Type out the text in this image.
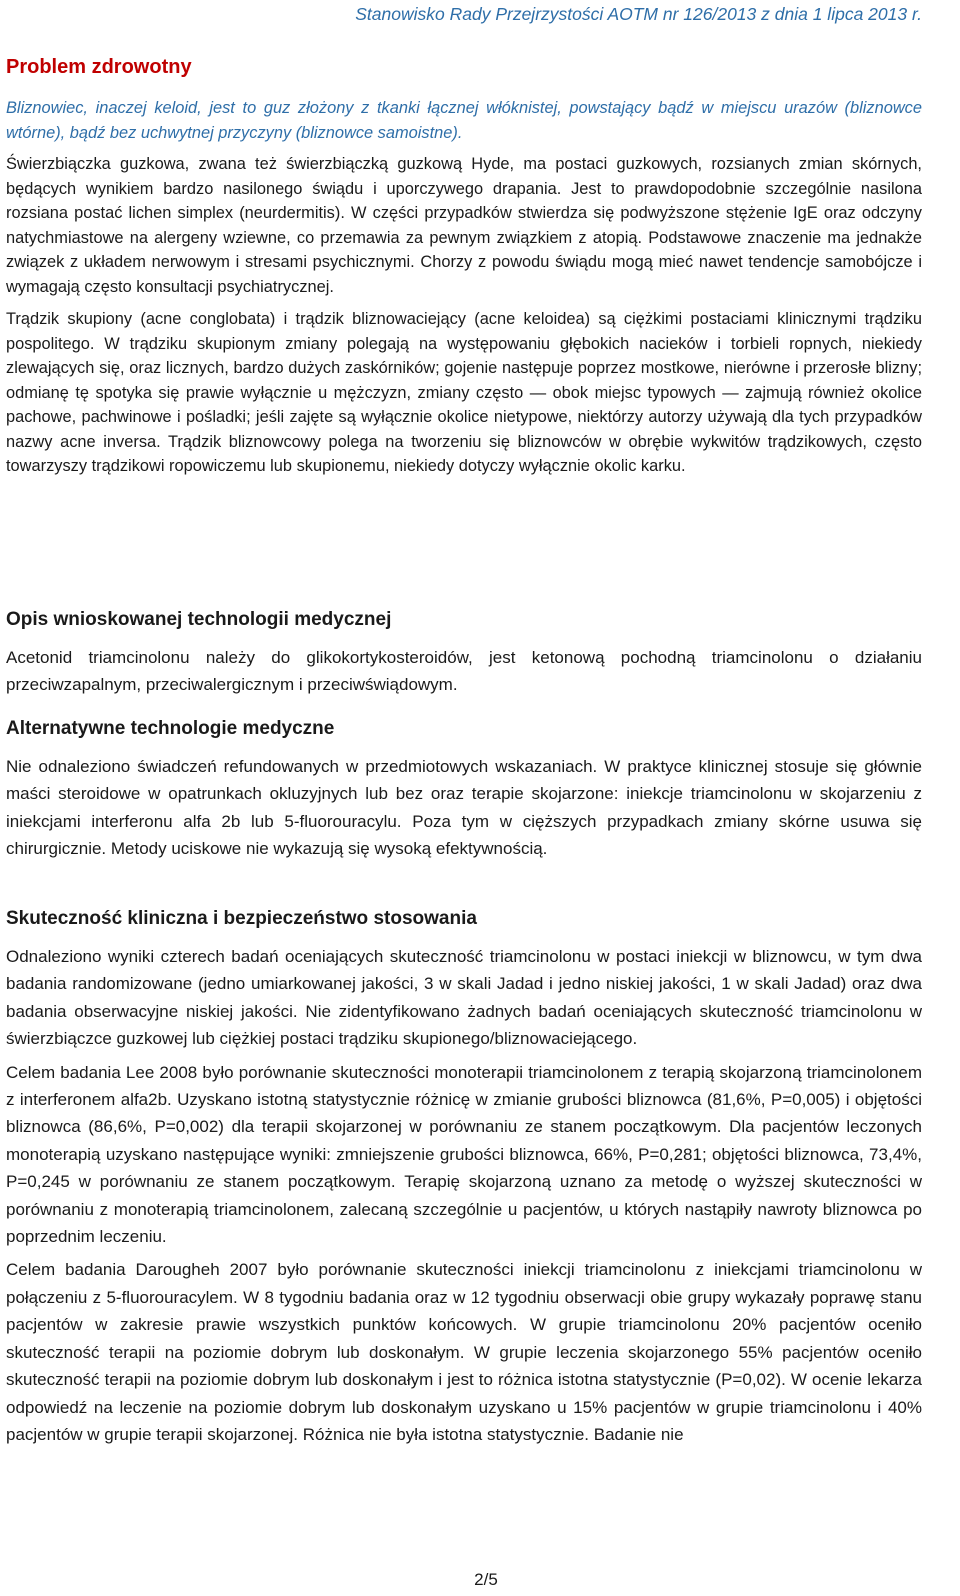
Stanowisko Rady Przejrzystości AOTM nr 126/2013 z dnia 1 lipca 2013 r.
Problem zdrowotny

Bliznowiec, inaczej keloid, jest to guz złożony z tkanki łącznej włóknistej, powstający bądź w miejscu urazów (bliznowce wtórne), bądź bez uchwytnej przyczyny (bliznowce samoistne).

Świerzbiączka guzkowa, zwana też świerzbiączką guzkową Hyde, ma postaci guzkowych, rozsianych zmian skórnych, będących wynikiem bardzo nasilonego świądu i uporczywego drapania. Jest to prawdopodobnie szczególnie nasilona rozsiana postać lichen simplex (neurdermitis). W części przypadków stwierdza się podwyższone stężenie IgE oraz odczyny natychmiastowe na alergeny wziewne, co przemawia za pewnym związkiem z atopią. Podstawowe znaczenie ma jednakże związek z układem nerwowym i stresami psychicznymi. Chorzy z powodu świądu mogą mieć nawet tendencje samobójcze i wymagają często konsultacji psychiatrycznej.

Trądzik skupiony (acne conglobata) i trądzik bliznowaciejący (acne keloidea) są ciężkimi postaciami klinicznymi trądziku pospolitego. W trądziku skupionym zmiany polegają na występowaniu głębokich nacieków i torbieli ropnych, niekiedy zlewających się, oraz licznych, bardzo dużych zaskórników; gojenie następuje poprzez mostkowe, nierówne i przerosłe blizny; odmianę tę spotyka się prawie wyłącznie u mężczyzn, zmiany często — obok miejsc typowych — zajmują również okolice pachowe, pachwinowe i pośladki; jeśli zajęte są wyłącznie okolice nietypowe, niektórzy autorzy używają dla tych przypadków nazwy acne inversa. Trądzik bliznowcowy polega na tworzeniu się bliznowców w obrębie wykwitów trądzikowych, często towarzyszy trądzikowi ropowiczemu lub skupionemu, niekiedy dotyczy wyłącznie okolic karku.

Opis wnioskowanej technologii medycznej

Acetonid triamcinolonu należy do glikokortykosteroidów, jest ketonową pochodną triamcinolonu o działaniu przeciwzapalnym, przeciwalergicznym i przeciwświądowym.

Alternatywne technologie medyczne

Nie odnaleziono świadczeń refundowanych w przedmiotowych wskazaniach. W praktyce klinicznej stosuje się głównie maści steroidowe w opatrunkach okluzyjnych lub bez oraz terapie skojarzone: iniekcje triamcinolonu w skojarzeniu z iniekcjami interferonu alfa 2b lub 5-fluorouracylu. Poza tym w cięższych przypadkach zmiany skórne usuwa się chirurgicznie. Metody uciskowe nie wykazują się wysoką efektywnością.

Skuteczność kliniczna i bezpieczeństwo stosowania

Odnaleziono wyniki czterech badań oceniających skuteczność triamcinolonu w postaci iniekcji w bliznowcu, w tym dwa badania randomizowane (jedno umiarkowanej jakości, 3 w skali Jadad i jedno niskiej jakości, 1 w skali Jadad) oraz dwa badania obserwacyjne niskiej jakości. Nie zidentyfikowano żadnych badań oceniających skuteczność triamcinolonu w świerzbiączce guzkowej lub ciężkiej postaci trądziku skupionego/bliznowaciejącego.

Celem badania Lee 2008 było porównanie skuteczności monoterapii triamcinolonem z terapią skojarzoną triamcinolonem z interferonem alfa2b. Uzyskano istotną statystycznie różnicę w zmianie grubości bliznowca (81,6%, P=0,005) i objętości bliznowca (86,6%, P=0,002) dla terapii skojarzonej w porównaniu ze stanem początkowym. Dla pacjentów leczonych monoterapią uzyskano następujące wyniki: zmniejszenie grubości bliznowca, 66%, P=0,281; objętości bliznowca, 73,4%, P=0,245 w porównaniu ze stanem początkowym. Terapię skojarzoną uznano za metodę o wyższej skuteczności w porównaniu z monoterapią triamcinolonem, zalecaną szczególnie u pacjentów, u których nastąpiły nawroty bliznowca po poprzednim leczeniu.

Celem badania Darougheh 2007 było porównanie skuteczności iniekcji triamcinolonu z iniekcjami triamcinolonu w połączeniu z 5-fluorouracylem. W 8 tygodniu badania oraz w 12 tygodniu obserwacji obie grupy wykazały poprawę stanu pacjentów w zakresie prawie wszystkich punktów końcowych. W grupie triamcinolonu 20% pacjentów oceniło skuteczność terapii na poziomie dobrym lub doskonałym. W grupie leczenia skojarzonego 55% pacjentów oceniło skuteczność terapii na poziomie dobrym lub doskonałym i jest to różnica istotna statystycznie (P=0,02). W ocenie lekarza odpowiedź na leczenie na poziomie dobrym lub doskonałym uzyskano u 15% pacjentów w grupie triamcinolonu i 40% pacjentów w grupie terapii skojarzonej. Różnica nie była istotna statystycznie. Badanie nie

2/5
